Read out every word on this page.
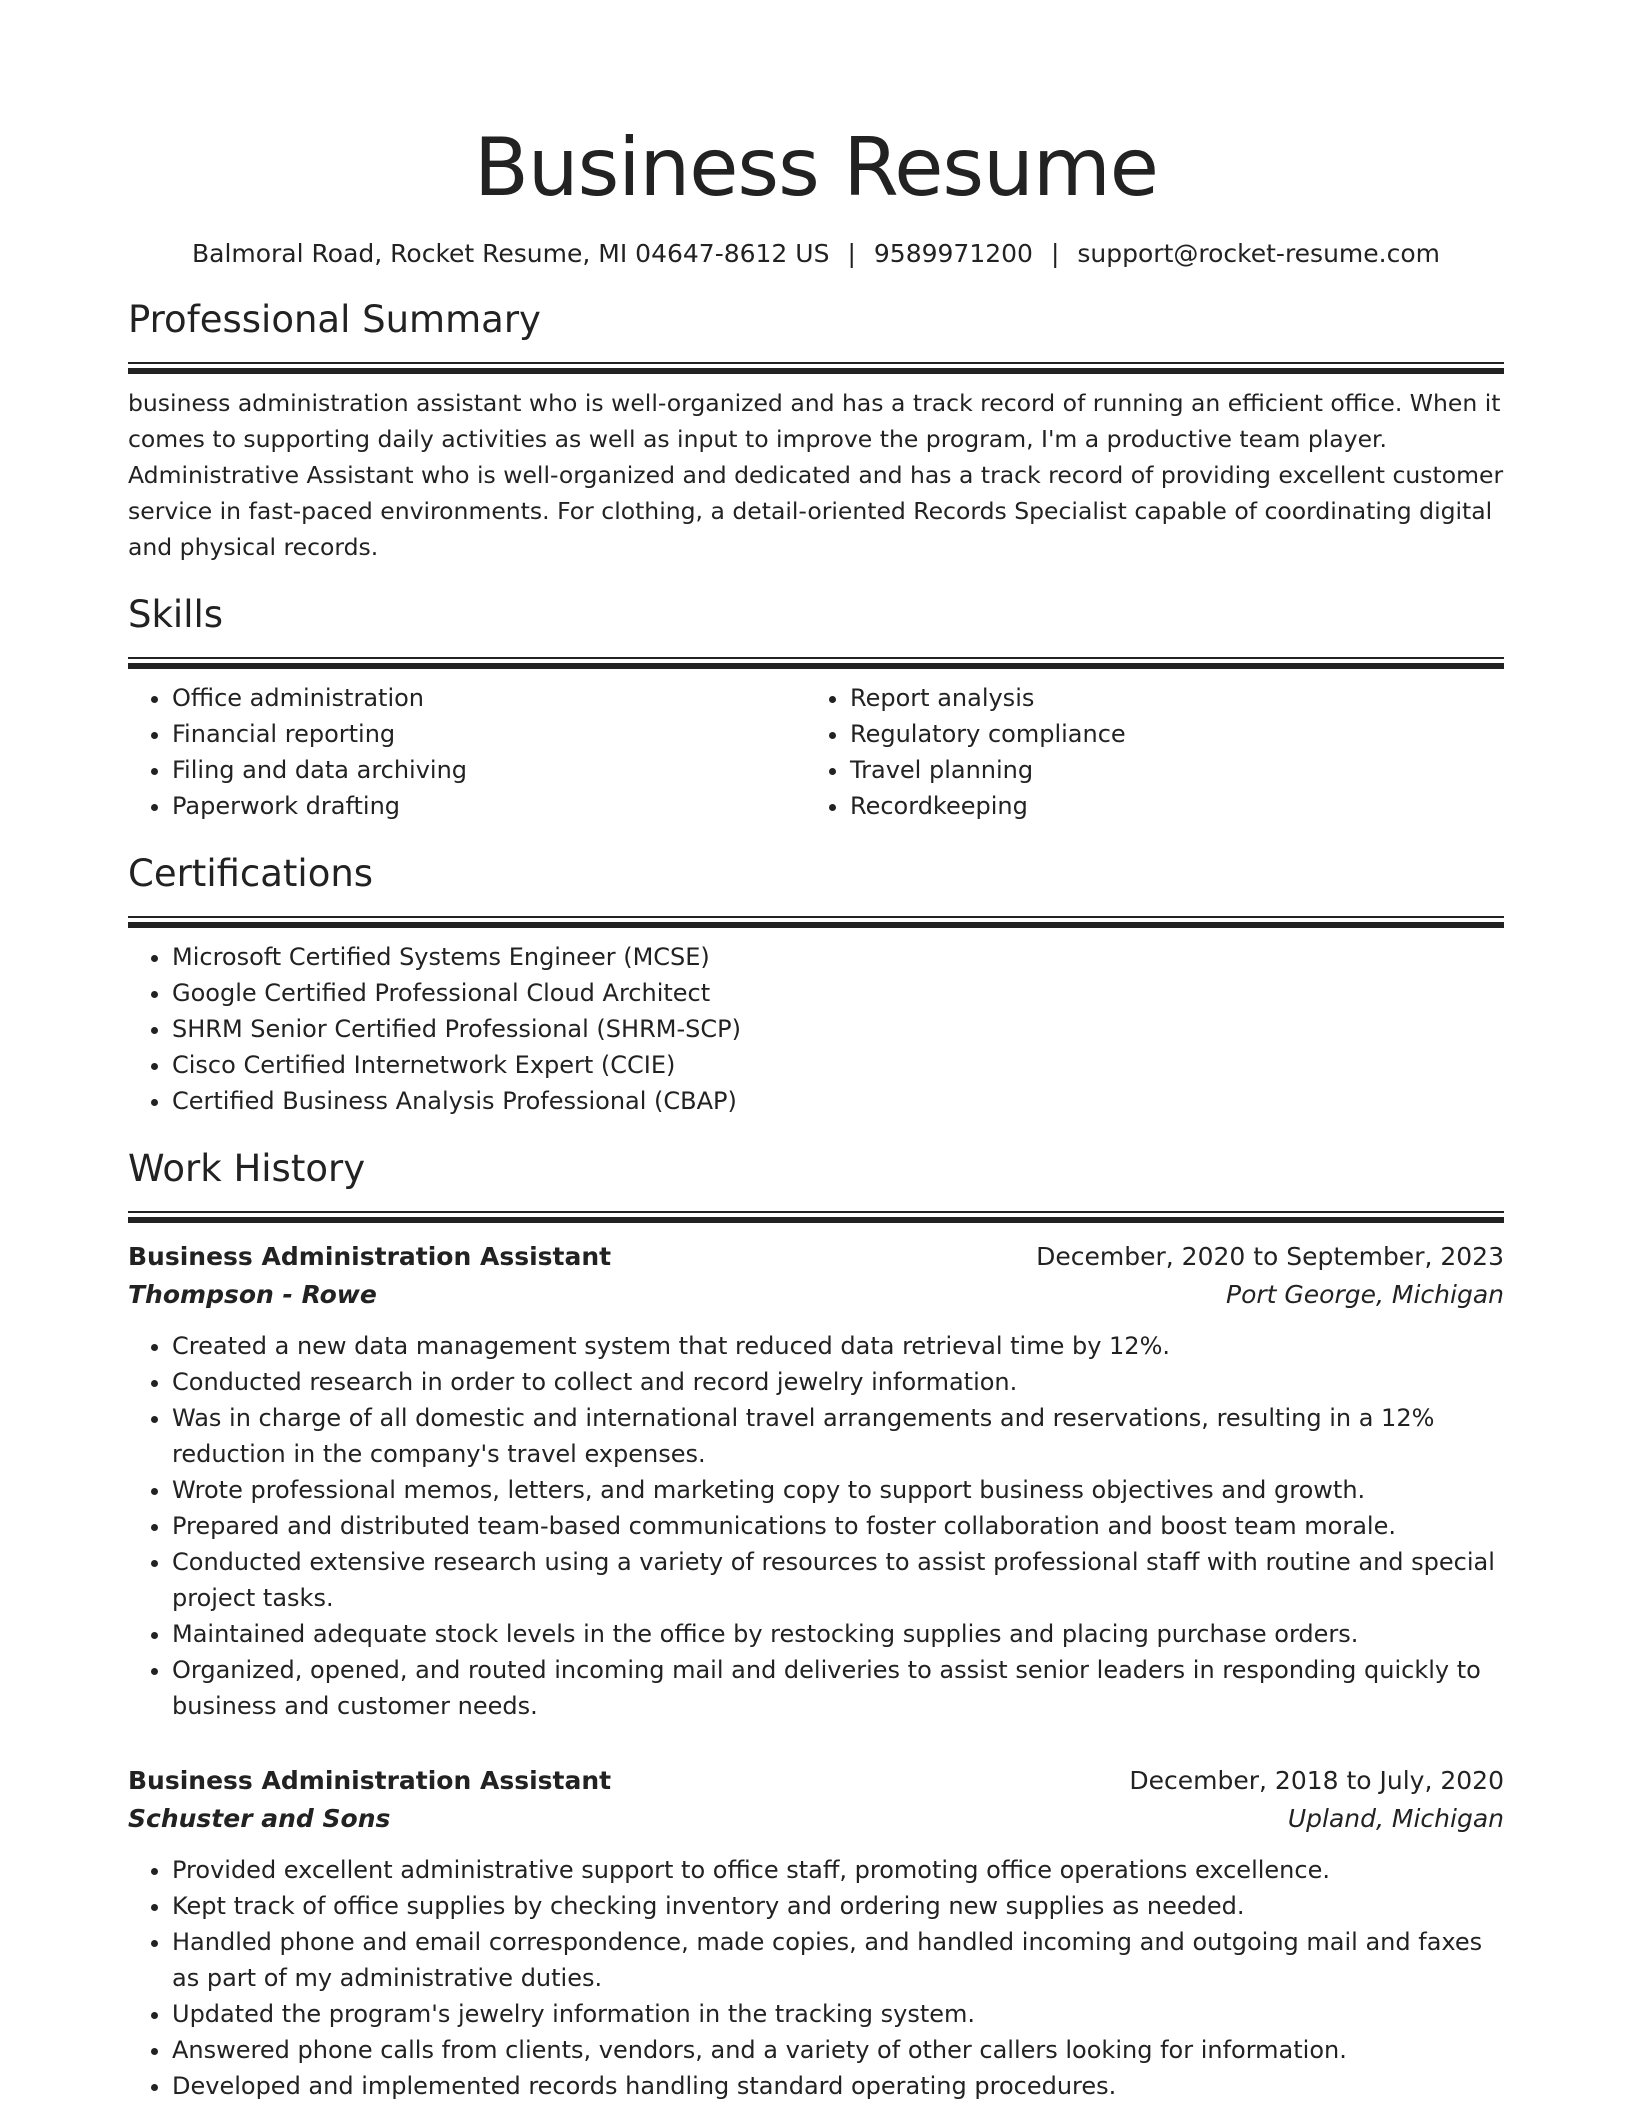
Business Resume
Balmoral Road, Rocket Resume, MI 04647-8612 US | 9589971200 | support@rocket-resume.com
Professional Summary
business administration assistant who is well-organized and has a track record of running an efficient office. When it comes to supporting daily activities as well as input to improve the program, I'm a productive team player. Administrative Assistant who is well-organized and dedicated and has a track record of providing excellent customer service in fast-paced environments. For clothing, a detail-oriented Records Specialist capable of coordinating digital and physical records.
Skills
• Office administration
• Financial reporting
• Filing and data archiving
• Paperwork drafting
• Report analysis
• Regulatory compliance
• Travel planning
• Recordkeeping
Certifications
• Microsoft Certified Systems Engineer (MCSE)
• Google Certified Professional Cloud Architect
• SHRM Senior Certified Professional (SHRM-SCP)
• Cisco Certified Internetwork Expert (CCIE)
• Certified Business Analysis Professional (CBAP)
Work History
Business Administration Assistant	December, 2020 to September, 2023
Thompson - Rowe	Port George, Michigan
• Created a new data management system that reduced data retrieval time by 12%.
• Conducted research in order to collect and record jewelry information.
• Was in charge of all domestic and international travel arrangements and reservations, resulting in a 12% reduction in the company's travel expenses.
• Wrote professional memos, letters, and marketing copy to support business objectives and growth.
• Prepared and distributed team-based communications to foster collaboration and boost team morale.
• Conducted extensive research using a variety of resources to assist professional staff with routine and special project tasks.
• Maintained adequate stock levels in the office by restocking supplies and placing purchase orders.
• Organized, opened, and routed incoming mail and deliveries to assist senior leaders in responding quickly to business and customer needs.
Business Administration Assistant	December, 2018 to July, 2020
Schuster and Sons	Upland, Michigan
• Provided excellent administrative support to office staff, promoting office operations excellence.
• Kept track of office supplies by checking inventory and ordering new supplies as needed.
• Handled phone and email correspondence, made copies, and handled incoming and outgoing mail and faxes as part of my administrative duties.
• Updated the program's jewelry information in the tracking system.
• Answered phone calls from clients, vendors, and a variety of other callers looking for information.
• Developed and implemented records handling standard operating procedures.
